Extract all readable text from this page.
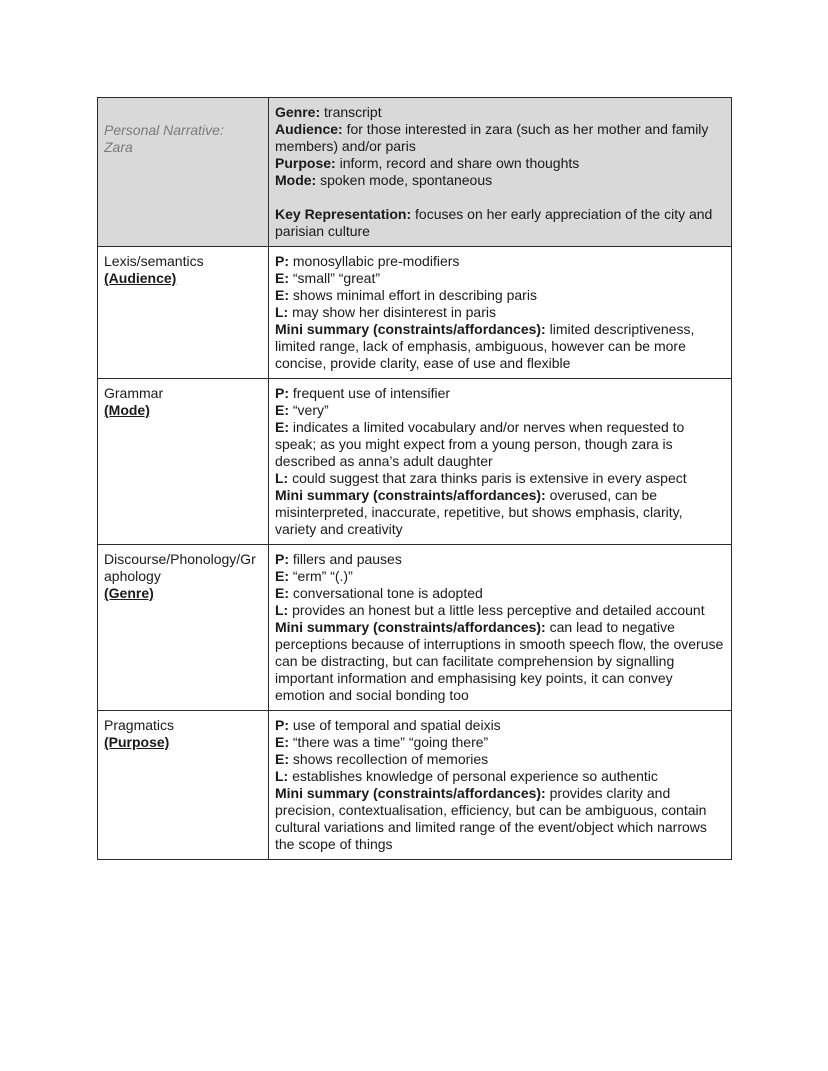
Personal Narrative:
Zara	Genre: transcript
Audience: for those interested in zara (such as her mother and family members) and/or paris
Purpose: inform, record and share own thoughts
Mode: spoken mode, spontaneous
Key Representation: focuses on her early appreciation of the city and parisian culture

Lexis/semantics
(Audience)	P: monosyllabic pre-modifiers
E: “small” “great”
E: shows minimal effort in describing paris
L: may show her disinterest in paris
Mini summary (constraints/affordances): limited descriptiveness, limited range, lack of emphasis, ambiguous, however can be more concise, provide clarity, ease of use and flexible

Grammar
(Mode)	P: frequent use of intensifier
E: “very”
E: indicates a limited vocabulary and/or nerves when requested to speak; as you might expect from a young person, though zara is described as anna’s adult daughter
L: could suggest that zara thinks paris is extensive in every aspect
Mini summary (constraints/affordances): overused, can be misinterpreted, inaccurate, repetitive, but shows emphasis, clarity, variety and creativity

Discourse/Phonology/Graphology
(Genre)	P: fillers and pauses
E: “erm” “(.)”
E: conversational tone is adopted
L: provides an honest but a little less perceptive and detailed account
Mini summary (constraints/affordances): can lead to negative perceptions because of interruptions in smooth speech flow, the overuse can be distracting, but can facilitate comprehension by signalling important information and emphasising key points, it can convey emotion and social bonding too

Pragmatics
(Purpose)	P: use of temporal and spatial deixis
E: “there was a time” “going there”
E: shows recollection of memories
L: establishes knowledge of personal experience so authentic
Mini summary (constraints/affordances): provides clarity and precision, contextualisation, efficiency, but can be ambiguous, contain cultural variations and limited range of the event/object which narrows the scope of things
